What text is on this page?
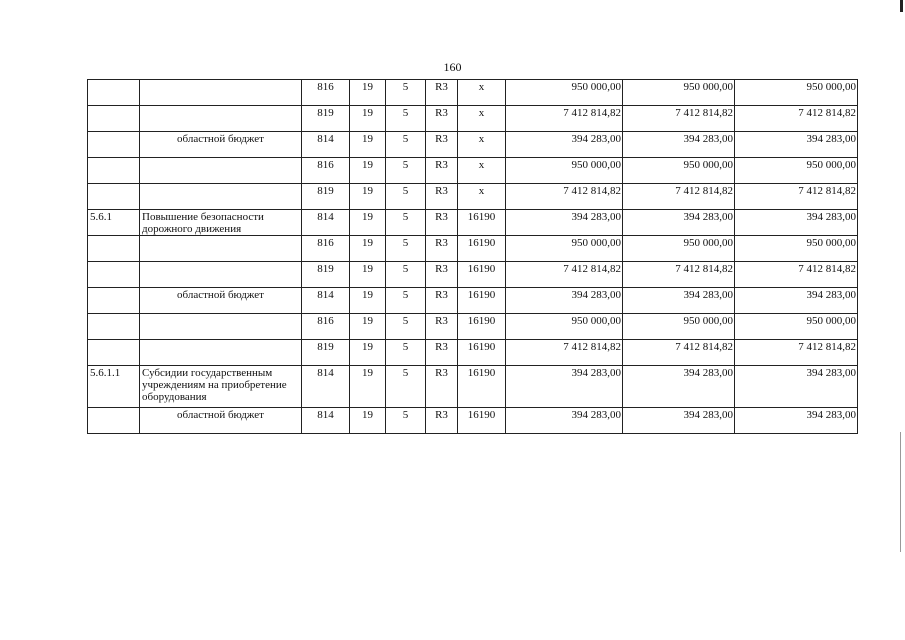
160
		816	19	5	R3	x	950 000,00	950 000,00	950 000,00
		819	19	5	R3	x	7 412 814,82	7 412 814,82	7 412 814,82
	областной бюджет	814	19	5	R3	x	394 283,00	394 283,00	394 283,00
		816	19	5	R3	x	950 000,00	950 000,00	950 000,00
		819	19	5	R3	x	7 412 814,82	7 412 814,82	7 412 814,82
5.6.1	Повышение безопасности дорожного движения	814	19	5	R3	16190	394 283,00	394 283,00	394 283,00
		816	19	5	R3	16190	950 000,00	950 000,00	950 000,00
		819	19	5	R3	16190	7 412 814,82	7 412 814,82	7 412 814,82
	областной бюджет	814	19	5	R3	16190	394 283,00	394 283,00	394 283,00
		816	19	5	R3	16190	950 000,00	950 000,00	950 000,00
		819	19	5	R3	16190	7 412 814,82	7 412 814,82	7 412 814,82
5.6.1.1	Субсидии государственным учреждениям на приобретение оборудования	814	19	5	R3	16190	394 283,00	394 283,00	394 283,00
	областной бюджет	814	19	5	R3	16190	394 283,00	394 283,00	394 283,00
